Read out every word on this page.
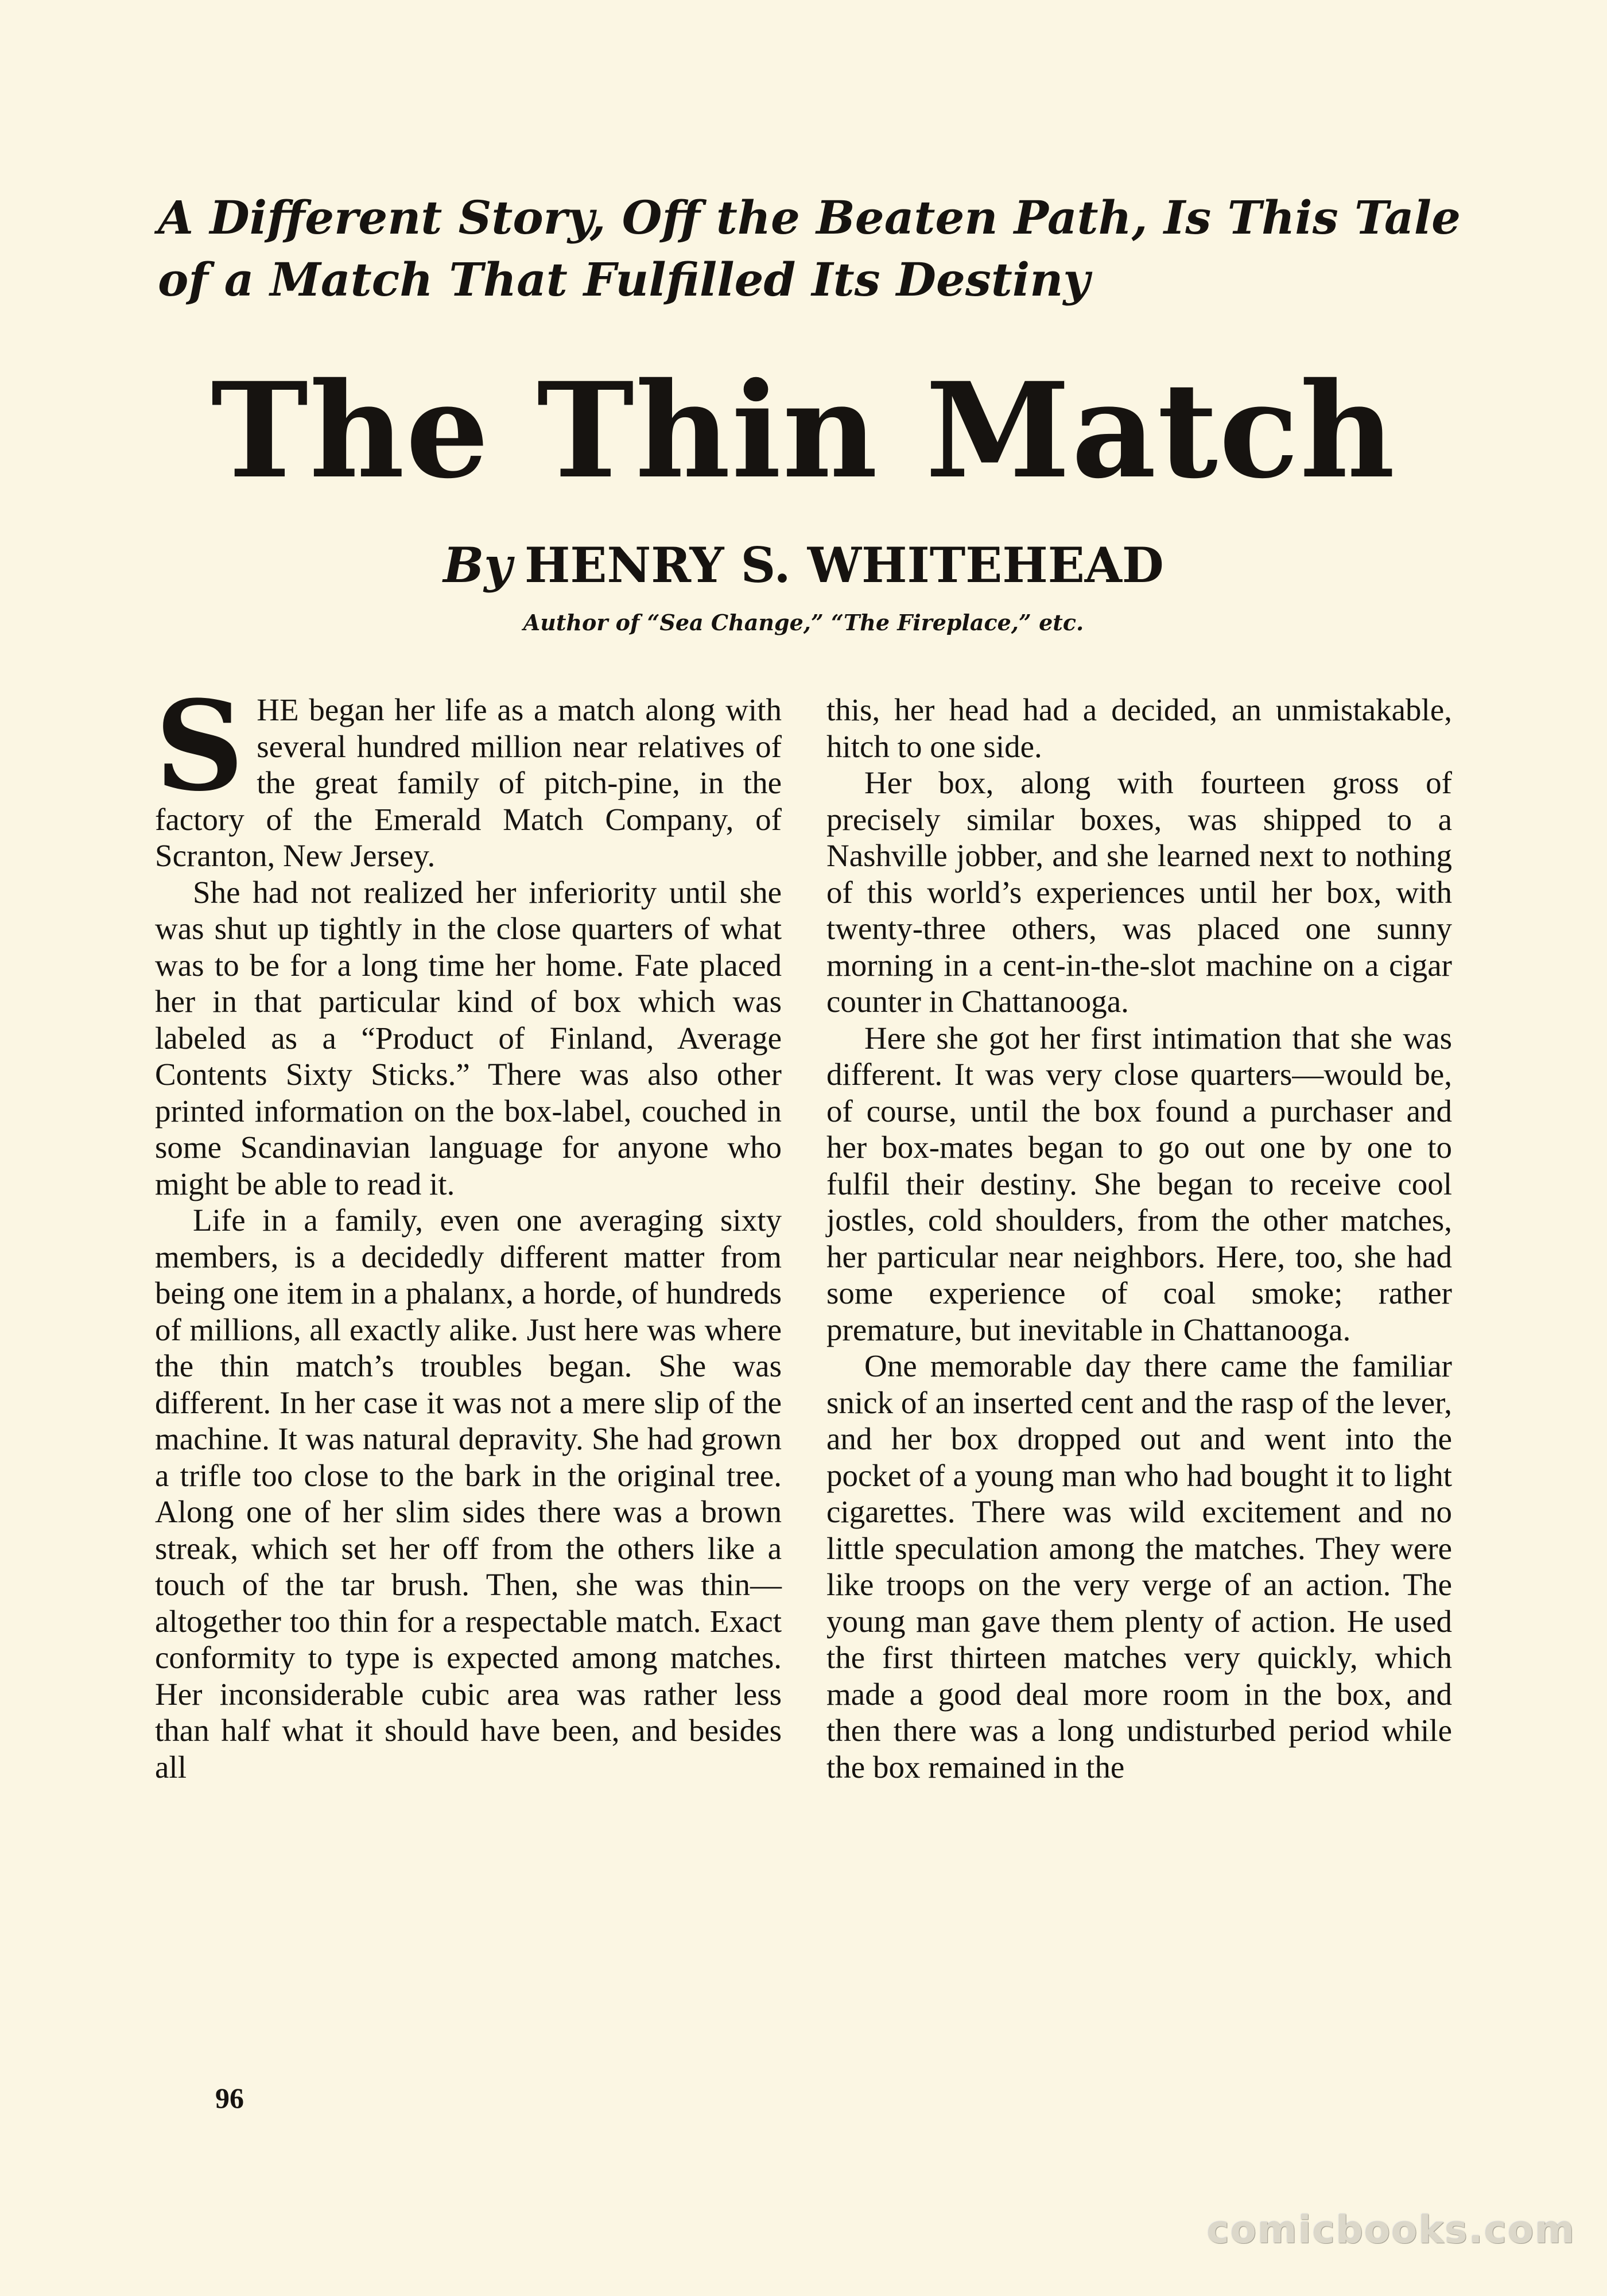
A Different Story, Off the Beaten Path, Is This Tale
of a Match That Fulfilled Its Destiny
The Thin Match
By HENRY S. WHITEHEAD
Author of “Sea Change,” “The Fireplace,” etc.

SHE began her life as a match along with several hundred million near relatives of the great family of pitch-pine, in the factory of the Emerald Match Company, of Scranton, New Jersey.

She had not realized her inferiority until she was shut up tightly in the close quarters of what was to be for a long time her home. Fate placed her in that particular kind of box which was labeled as a “Product of Finland, Average Contents Sixty Sticks.” There was also other printed information on the box-label, couched in some Scandinavian language for anyone who might be able to read it.

Life in a family, even one averaging sixty members, is a decidedly different matter from being one item in a phalanx, a horde, of hundreds of millions, all exactly alike. Just here was where the thin match’s troubles began. She was different. In her case it was not a mere slip of the machine. It was natural depravity. She had grown a trifle too close to the bark in the original tree. Along one of her slim sides there was a brown streak, which set her off from the others like a touch of the tar brush. Then, she was thin—altogether too thin for a respectable match. Exact conformity to type is expected among matches. Her inconsiderable cubic area was rather less than half what it should have been, and besides all

this, her head had a decided, an unmistakable, hitch to one side.

Her box, along with fourteen gross of precisely similar boxes, was shipped to a Nashville jobber, and she learned next to nothing of this world’s experiences until her box, with twenty-three others, was placed one sunny morning in a cent-in-the-slot machine on a cigar counter in Chattanooga.

Here she got her first intimation that she was different. It was very close quarters—would be, of course, until the box found a purchaser and her box-mates began to go out one by one to fulfil their destiny. She began to receive cool jostles, cold shoulders, from the other matches, her particular near neighbors. Here, too, she had some experience of coal smoke; rather premature, but inevitable in Chattanooga.

One memorable day there came the familiar snick of an inserted cent and the rasp of the lever, and her box dropped out and went into the pocket of a young man who had bought it to light cigarettes. There was wild excitement and no little speculation among the matches. They were like troops on the very verge of an action. The young man gave them plenty of action. He used the first thirteen matches very quickly, which made a good deal more room in the box, and then there was a long undisturbed period while the box remained in the

96
comicbooks.com
